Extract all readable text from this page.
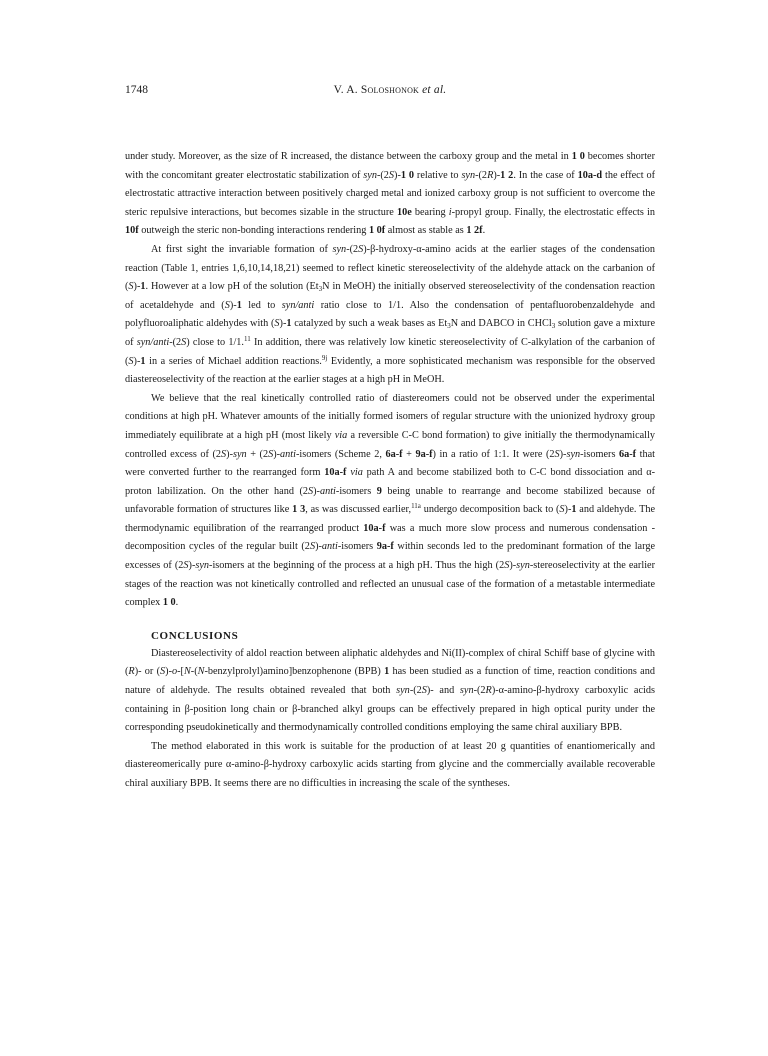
1748	V. A. Soloshonok et al.

under study. Moreover, as the size of R increased, the distance between the carboxy group and the metal in 1 0 becomes shorter with the concomitant greater electrostatic stabilization of syn-(2S)-1 0 relative to syn-(2R)-1 2. In the case of 10a-d the effect of electrostatic attractive interaction between positively charged metal and ionized carboxy group is not sufficient to overcome the steric repulsive interactions, but becomes sizable in the structure 10e bearing i-propyl group. Finally, the electrostatic effects in 10f outweigh the steric non-bonding interactions rendering 1 0f almost as stable as 1 2f.

At first sight the invariable formation of syn-(2S)-β-hydroxy-α-amino acids at the earlier stages of the condensation reaction (Table 1, entries 1,6,10,14,18,21) seemed to reflect kinetic stereoselectivity of the aldehyde attack on the carbanion of (S)-1. However at a low pH of the solution ($Et_3N$ in MeOH) the initially observed stereoselectivity of the condensation reaction of acetaldehyde and (S)-1 led to syn/anti ratio close to 1/1. Also the condensation of pentafluorobenzaldehyde and polyfluoroaliphatic aldehydes with (S)-1 catalyzed by such a weak bases as $Et_3N$ and DABCO in CHCl$_3$ solution gave a mixture of syn/anti-(2S) close to 1/1.11 In addition, there was relatively low kinetic stereoselectivity of C-alkylation of the carbanion of (S)-1 in a series of Michael addition reactions.$^{9j}$ Evidently, a more sophisticated mechanism was responsible for the observed diastereoselectivity of the reaction at the earlier stages at a high pH in MeOH.

We believe that the real kinetically controlled ratio of diastereomers could not be observed under the experimental conditions at high pH. Whatever amounts of the initially formed isomers of regular structure with the unionized hydroxy group immediately equilibrate at a high pH (most likely via a reversible C-C bond formation) to give initially the thermodynamically controlled excess of (2S)-syn + (2S)-anti-isomers (Scheme 2, 6a-f + 9a-f) in a ratio of 1:1. It were (2S)-syn-isomers 6a-f that were converted further to the rearranged form 10a-f via path A and become stabilized both to C-C bond dissociation and α-proton labilization. On the other hand (2S)-anti-isomers 9 being unable to rearrange and become stabilized because of unfavorable formation of structures like 1 3, as was discussed earlier,$^{11a}$ undergo decomposition back to (S)-1 and aldehyde. The thermodynamic equilibration of the rearranged product 10a-f was a much more slow process and numerous condensation - decomposition cycles of the regular built (2S)-anti-isomers 9a-f within seconds led to the predominant formation of the large excesses of (2S)-syn-isomers at the beginning of the process at a high pH. Thus the high (2S)-syn-stereoselectivity at the earlier stages of the reaction was not kinetically controlled and reflected an unusual case of the formation of a metastable intermediate complex 1 0.

CONCLUSIONS

Diastereoselectivity of aldol reaction between aliphatic aldehydes and Ni(II)-complex of chiral Schiff base of glycine with (R)- or (S)-o-[N-(N-benzylprolyl)amino]benzophenone (BPB) 1 has been studied as a function of time, reaction conditions and nature of aldehyde. The results obtained revealed that both syn-(2S)- and syn-(2R)-α-amino-β-hydroxy carboxylic acids containing in β-position long chain or β-branched alkyl groups can be effectively prepared in high optical purity under the corresponding pseudokinetically and thermodynamically controlled conditions employing the same chiral auxiliary BPB.

The method elaborated in this work is suitable for the production of at least 20 g quantities of enantiomerically and diastereomerically pure α-amino-β-hydroxy carboxylic acids starting from glycine and the commercially available recoverable chiral auxiliary BPB. It seems there are no difficulties in increasing the scale of the syntheses.
